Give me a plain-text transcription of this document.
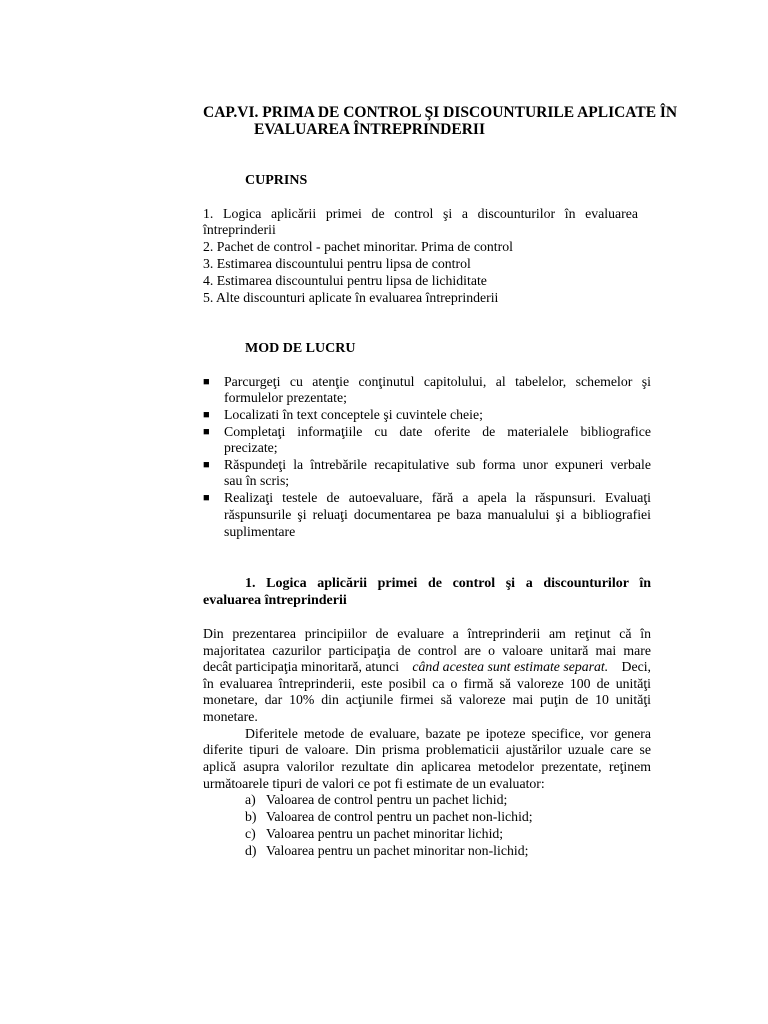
CAP.VI. PRIMA DE CONTROL ŞI DISCOUNTURILE APLICATE ÎN

EVALUAREA ÎNTREPRINDERII

CUPRINS

1. Logica aplicării primei de control şi a discounturilor în evaluarea

întreprinderii

2. Pachet de control - pachet minoritar. Prima de control

3. Estimarea discountului pentru lipsa de control

4. Estimarea discountului pentru lipsa de lichiditate

5. Alte discounturi aplicate în evaluarea întreprinderii

MOD DE LUCRU

■ Parcurgeţi cu atenţie conţinutul capitolului, al tabelelor, schemelor şi

formulelor prezentate;

■ Localizati în text conceptele şi cuvintele cheie;

■ Completaţi informaţiile cu date oferite de materialele bibliografice

precizate;

■ Răspundeţi la întrebările recapitulative sub forma unor expuneri verbale

sau în scris;

■ Realizaţi testele de autoevaluare, fără a apela la răspunsuri. Evaluaţi

răspunsurile şi reluaţi documentarea pe baza manualului şi a bibliografiei

suplimentare

1. Logica aplicării primei de control şi a discounturilor în

evaluarea întreprinderii

Din prezentarea principiilor de evaluare a întreprinderii am reţinut că în

majoritatea cazurilor participaţia de control are o valoare unitară mai mare

decât participaţia minoritară, atunci când acestea sunt estimate separat. Deci,

în evaluarea întreprinderii, este posibil ca o firmă să valoreze 100 de unităţi

monetare, dar 10% din acţiunile firmei să valoreze mai puţin de 10 unităţi

monetare.

Diferitele metode de evaluare, bazate pe ipoteze specifice, vor genera

diferite tipuri de valoare. Din prisma problematicii ajustărilor uzuale care se

aplică asupra valorilor rezultate din aplicarea metodelor prezentate, reţinem

următoarele tipuri de valori ce pot fi estimate de un evaluator:

a) Valoarea de control pentru un pachet lichid;

b) Valoarea de control pentru un pachet non-lichid;

c) Valoarea pentru un pachet minoritar lichid;

d) Valoarea pentru un pachet minoritar non-lichid;
